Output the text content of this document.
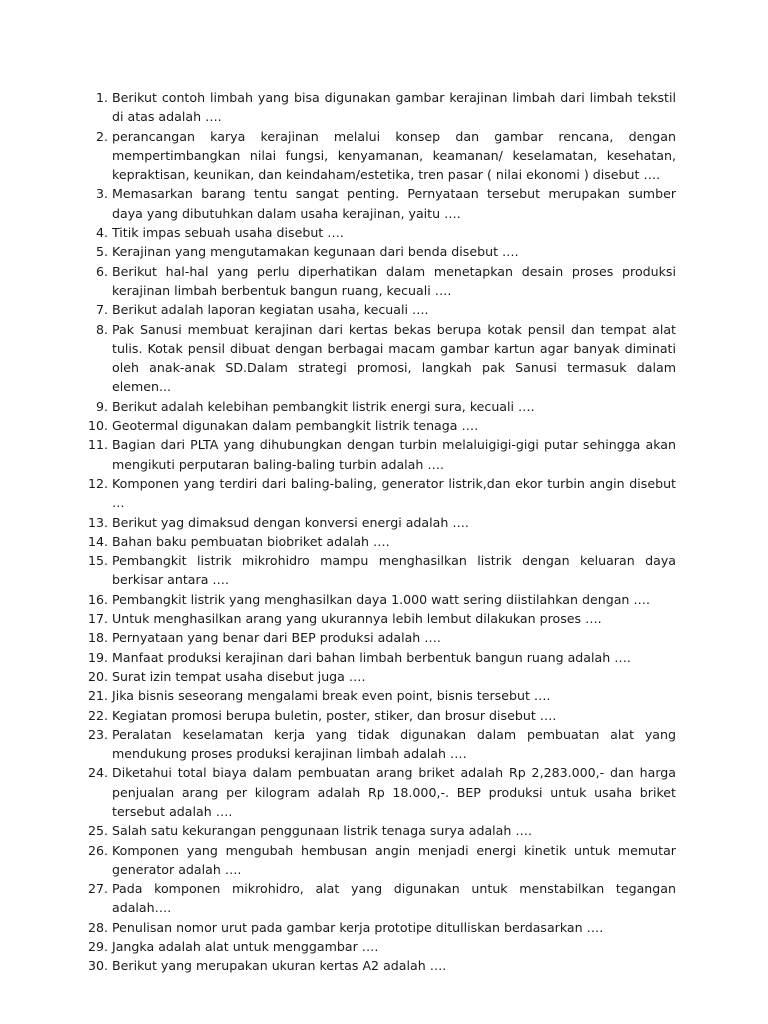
1. Berikut contoh limbah yang bisa digunakan gambar kerajinan limbah dari limbah tekstil di atas adalah ….
2. perancangan karya kerajinan melalui konsep dan gambar rencana, dengan mempertimbangkan nilai fungsi, kenyamanan, keamanan/ keselamatan, kesehatan, kepraktisan, keunikan, dan keindaham/estetika, tren pasar ( nilai ekonomi ) disebut ….
3. Memasarkan barang tentu sangat penting. Pernyataan tersebut merupakan sumber daya yang dibutuhkan dalam usaha kerajinan, yaitu ….
4. Titik impas sebuah usaha disebut ….
5. Kerajinan yang mengutamakan kegunaan dari benda disebut ….
6. Berikut hal-hal yang perlu diperhatikan dalam menetapkan desain proses produksi kerajinan limbah berbentuk bangun ruang, kecuali ….
7. Berikut adalah laporan kegiatan usaha, kecuali ….
8. Pak Sanusi membuat kerajinan dari kertas bekas berupa kotak pensil dan tempat alat tulis. Kotak pensil dibuat dengan berbagai macam gambar kartun agar banyak diminati oleh anak-anak SD.Dalam strategi promosi, langkah pak Sanusi termasuk dalam elemen...
9. Berikut adalah kelebihan pembangkit listrik energi sura, kecuali ….
10. Geotermal digunakan dalam pembangkit listrik tenaga ….
11. Bagian dari PLTA yang dihubungkan dengan turbin melaluigigi-gigi putar sehingga akan mengikuti perputaran baling-baling turbin adalah ….
12. Komponen yang terdiri dari baling-baling, generator listrik,dan ekor turbin angin disebut …
13. Berikut yag dimaksud dengan konversi energi adalah ….
14. Bahan baku pembuatan biobriket adalah ….
15. Pembangkit listrik mikrohidro mampu menghasilkan listrik dengan keluaran daya berkisar antara ….
16. Pembangkit listrik yang menghasilkan daya 1.000 watt sering diistilahkan dengan ….
17. Untuk menghasilkan arang yang ukurannya lebih lembut dilakukan proses ….
18. Pernyataan yang benar dari BEP produksi adalah ….
19. Manfaat produksi kerajinan dari bahan limbah berbentuk bangun ruang adalah ….
20. Surat izin tempat usaha disebut juga ….
21. Jika bisnis seseorang mengalami break even point, bisnis tersebut ….
22. Kegiatan promosi berupa buletin, poster, stiker, dan brosur disebut ….
23. Peralatan keselamatan kerja yang tidak digunakan dalam pembuatan alat yang mendukung proses produksi kerajinan limbah adalah ….
24. Diketahui total biaya dalam pembuatan arang briket adalah Rp 2,283.000,- dan harga penjualan arang per kilogram adalah Rp 18.000,-. BEP produksi untuk usaha briket tersebut adalah ….
25. Salah satu kekurangan penggunaan listrik tenaga surya adalah ….
26. Komponen yang mengubah hembusan angin menjadi energi kinetik untuk memutar generator adalah ….
27. Pada komponen mikrohidro, alat yang digunakan untuk menstabilkan tegangan adalah….
28. Penulisan nomor urut pada gambar kerja prototipe ditulliskan berdasarkan ….
29. Jangka adalah alat untuk menggambar ….
30. Berikut yang merupakan ukuran kertas A2 adalah ….
